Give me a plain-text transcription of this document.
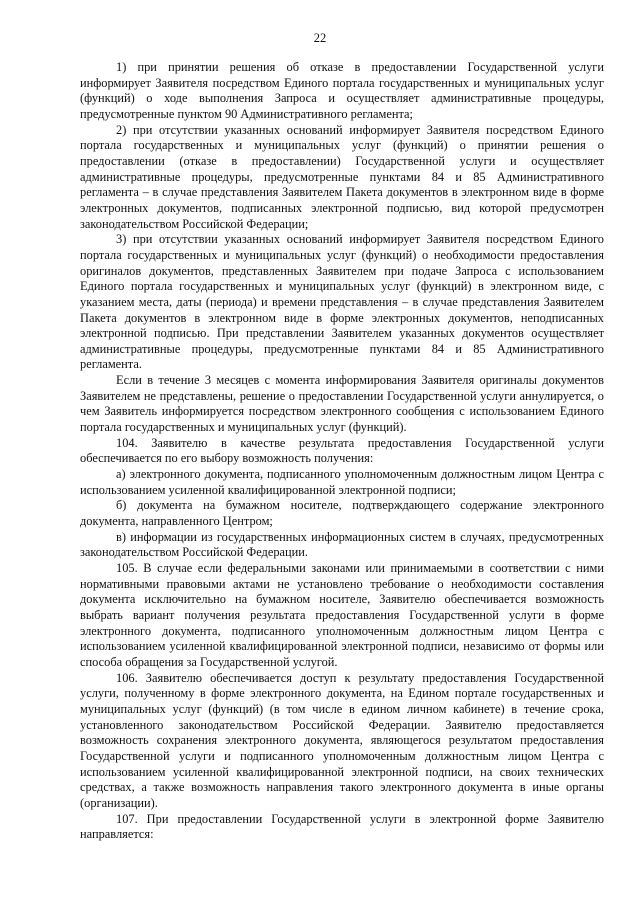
22

1) при принятии решения об отказе в предоставлении Государственной услуги информирует Заявителя посредством Единого портала государственных и муниципальных услуг (функций) о ходе выполнения Запроса и осуществляет административные процедуры, предусмотренные пунктом 90 Административного регламента;

2) при отсутствии указанных оснований информирует Заявителя посредством Единого портала государственных и муниципальных услуг (функций) о принятии решения о предоставлении (отказе в предоставлении) Государственной услуги и осуществляет административные процедуры, предусмотренные пунктами 84 и 85 Административного регламента – в случае представления Заявителем Пакета документов в электронном виде в форме электронных документов, подписанных электронной подписью, вид которой предусмотрен законодательством Российской Федерации;

3) при отсутствии указанных оснований информирует Заявителя посредством Единого портала государственных и муниципальных услуг (функций) о необходимости предоставления оригиналов документов, представленных Заявителем при подаче Запроса с использованием Единого портала государственных и муниципальных услуг (функций) в электронном виде, с указанием места, даты (периода) и времени представления – в случае представления Заявителем Пакета документов в электронном виде в форме электронных документов, неподписанных электронной подписью. При представлении Заявителем указанных документов осуществляет административные процедуры, предусмотренные пунктами 84 и 85 Административного регламента.

Если в течение 3 месяцев с момента информирования Заявителя оригиналы документов Заявителем не представлены, решение о предоставлении Государственной услуги аннулируется, о чем Заявитель информируется посредством электронного сообщения с использованием Единого портала государственных и муниципальных услуг (функций).

104. Заявителю в качестве результата предоставления Государственной услуги обеспечивается по его выбору возможность получения:

а) электронного документа, подписанного уполномоченным должностным лицом Центра с использованием усиленной квалифицированной электронной подписи;

б) документа на бумажном носителе, подтверждающего содержание электронного документа, направленного Центром;

в) информации из государственных информационных систем в случаях, предусмотренных законодательством Российской Федерации.

105. В случае если федеральными законами или принимаемыми в соответствии с ними нормативными правовыми актами не установлено требование о необходимости составления документа исключительно на бумажном носителе, Заявителю обеспечивается возможность выбрать вариант получения результата предоставления Государственной услуги в форме электронного документа, подписанного уполномоченным должностным лицом Центра с использованием усиленной квалифицированной электронной подписи, независимо от формы или способа обращения за Государственной услугой.

106. Заявителю обеспечивается доступ к результату предоставления Государственной услуги, полученному в форме электронного документа, на Едином портале государственных и муниципальных услуг (функций) (в том числе в едином личном кабинете) в течение срока, установленного законодательством Российской Федерации. Заявителю предоставляется возможность сохранения электронного документа, являющегося результатом предоставления Государственной услуги и подписанного уполномоченным должностным лицом Центра с использованием усиленной квалифицированной электронной подписи, на своих технических средствах, а также возможность направления такого электронного документа в иные органы (организации).

107. При предоставлении Государственной услуги в электронной форме Заявителю направляется:
